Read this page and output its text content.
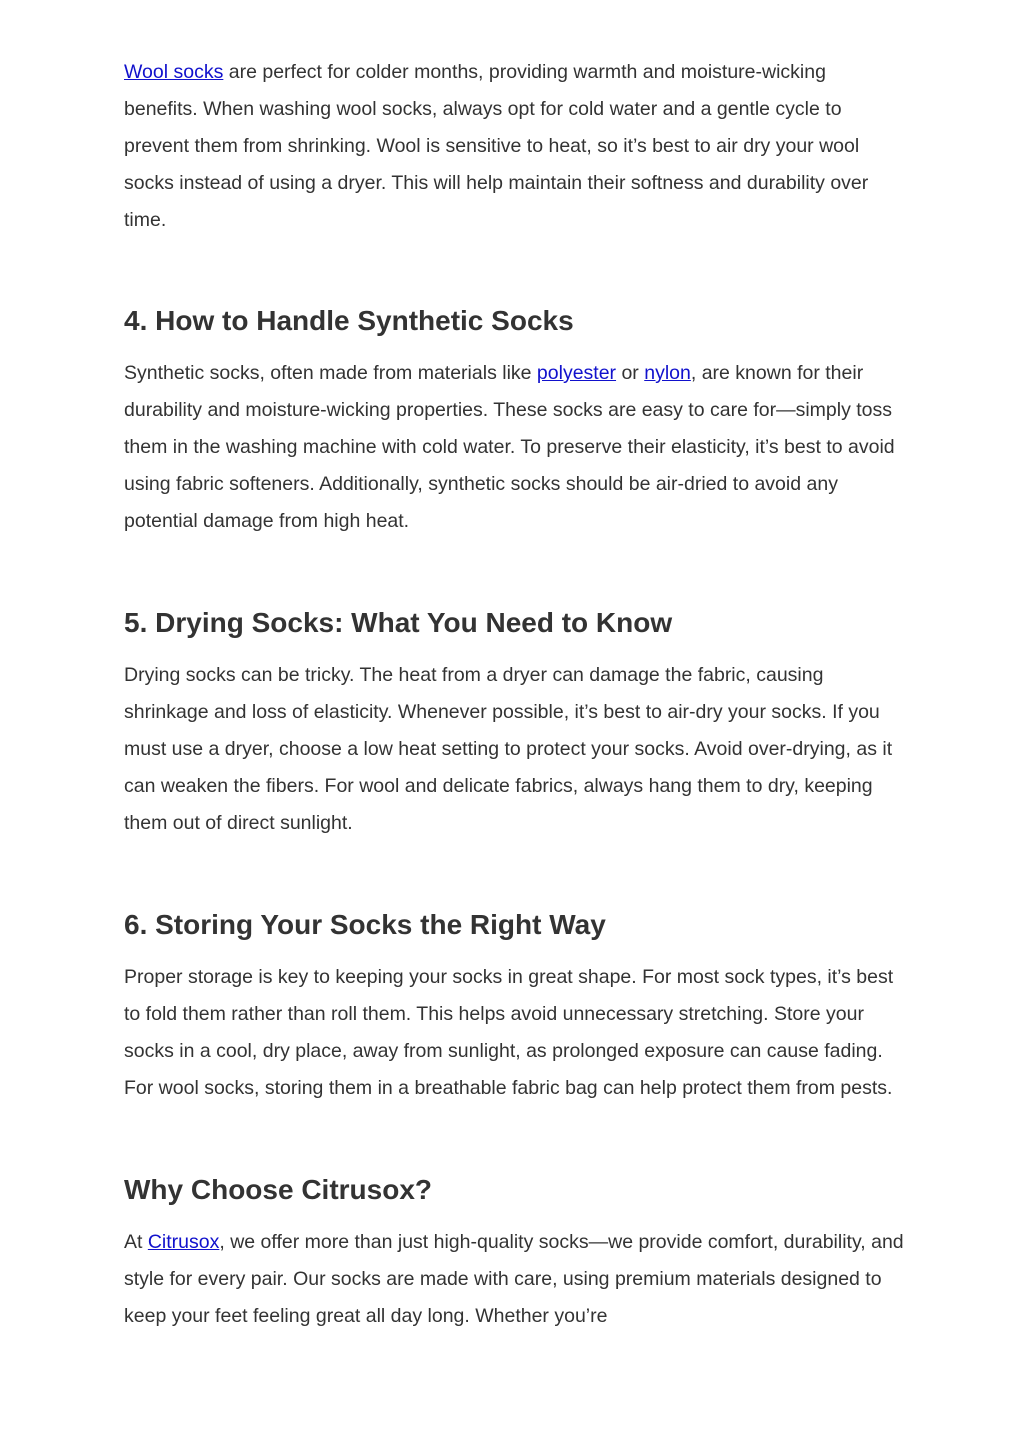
Wool socks are perfect for colder months, providing warmth and moisture-wicking benefits. When washing wool socks, always opt for cold water and a gentle cycle to prevent them from shrinking. Wool is sensitive to heat, so it’s best to air dry your wool socks instead of using a dryer. This will help maintain their softness and durability over time.

4. How to Handle Synthetic Socks

Synthetic socks, often made from materials like polyester or nylon, are known for their durability and moisture-wicking properties. These socks are easy to care for—simply toss them in the washing machine with cold water. To preserve their elasticity, it’s best to avoid using fabric softeners. Additionally, synthetic socks should be air-dried to avoid any potential damage from high heat.

5. Drying Socks: What You Need to Know

Drying socks can be tricky. The heat from a dryer can damage the fabric, causing shrinkage and loss of elasticity. Whenever possible, it’s best to air-dry your socks. If you must use a dryer, choose a low heat setting to protect your socks. Avoid over-drying, as it can weaken the fibers. For wool and delicate fabrics, always hang them to dry, keeping them out of direct sunlight.

6. Storing Your Socks the Right Way

Proper storage is key to keeping your socks in great shape. For most sock types, it’s best to fold them rather than roll them. This helps avoid unnecessary stretching. Store your socks in a cool, dry place, away from sunlight, as prolonged exposure can cause fading. For wool socks, storing them in a breathable fabric bag can help protect them from pests.

Why Choose Citrusox?

At Citrusox, we offer more than just high-quality socks—we provide comfort, durability, and style for every pair. Our socks are made with care, using premium materials designed to keep your feet feeling great all day long. Whether you’re
